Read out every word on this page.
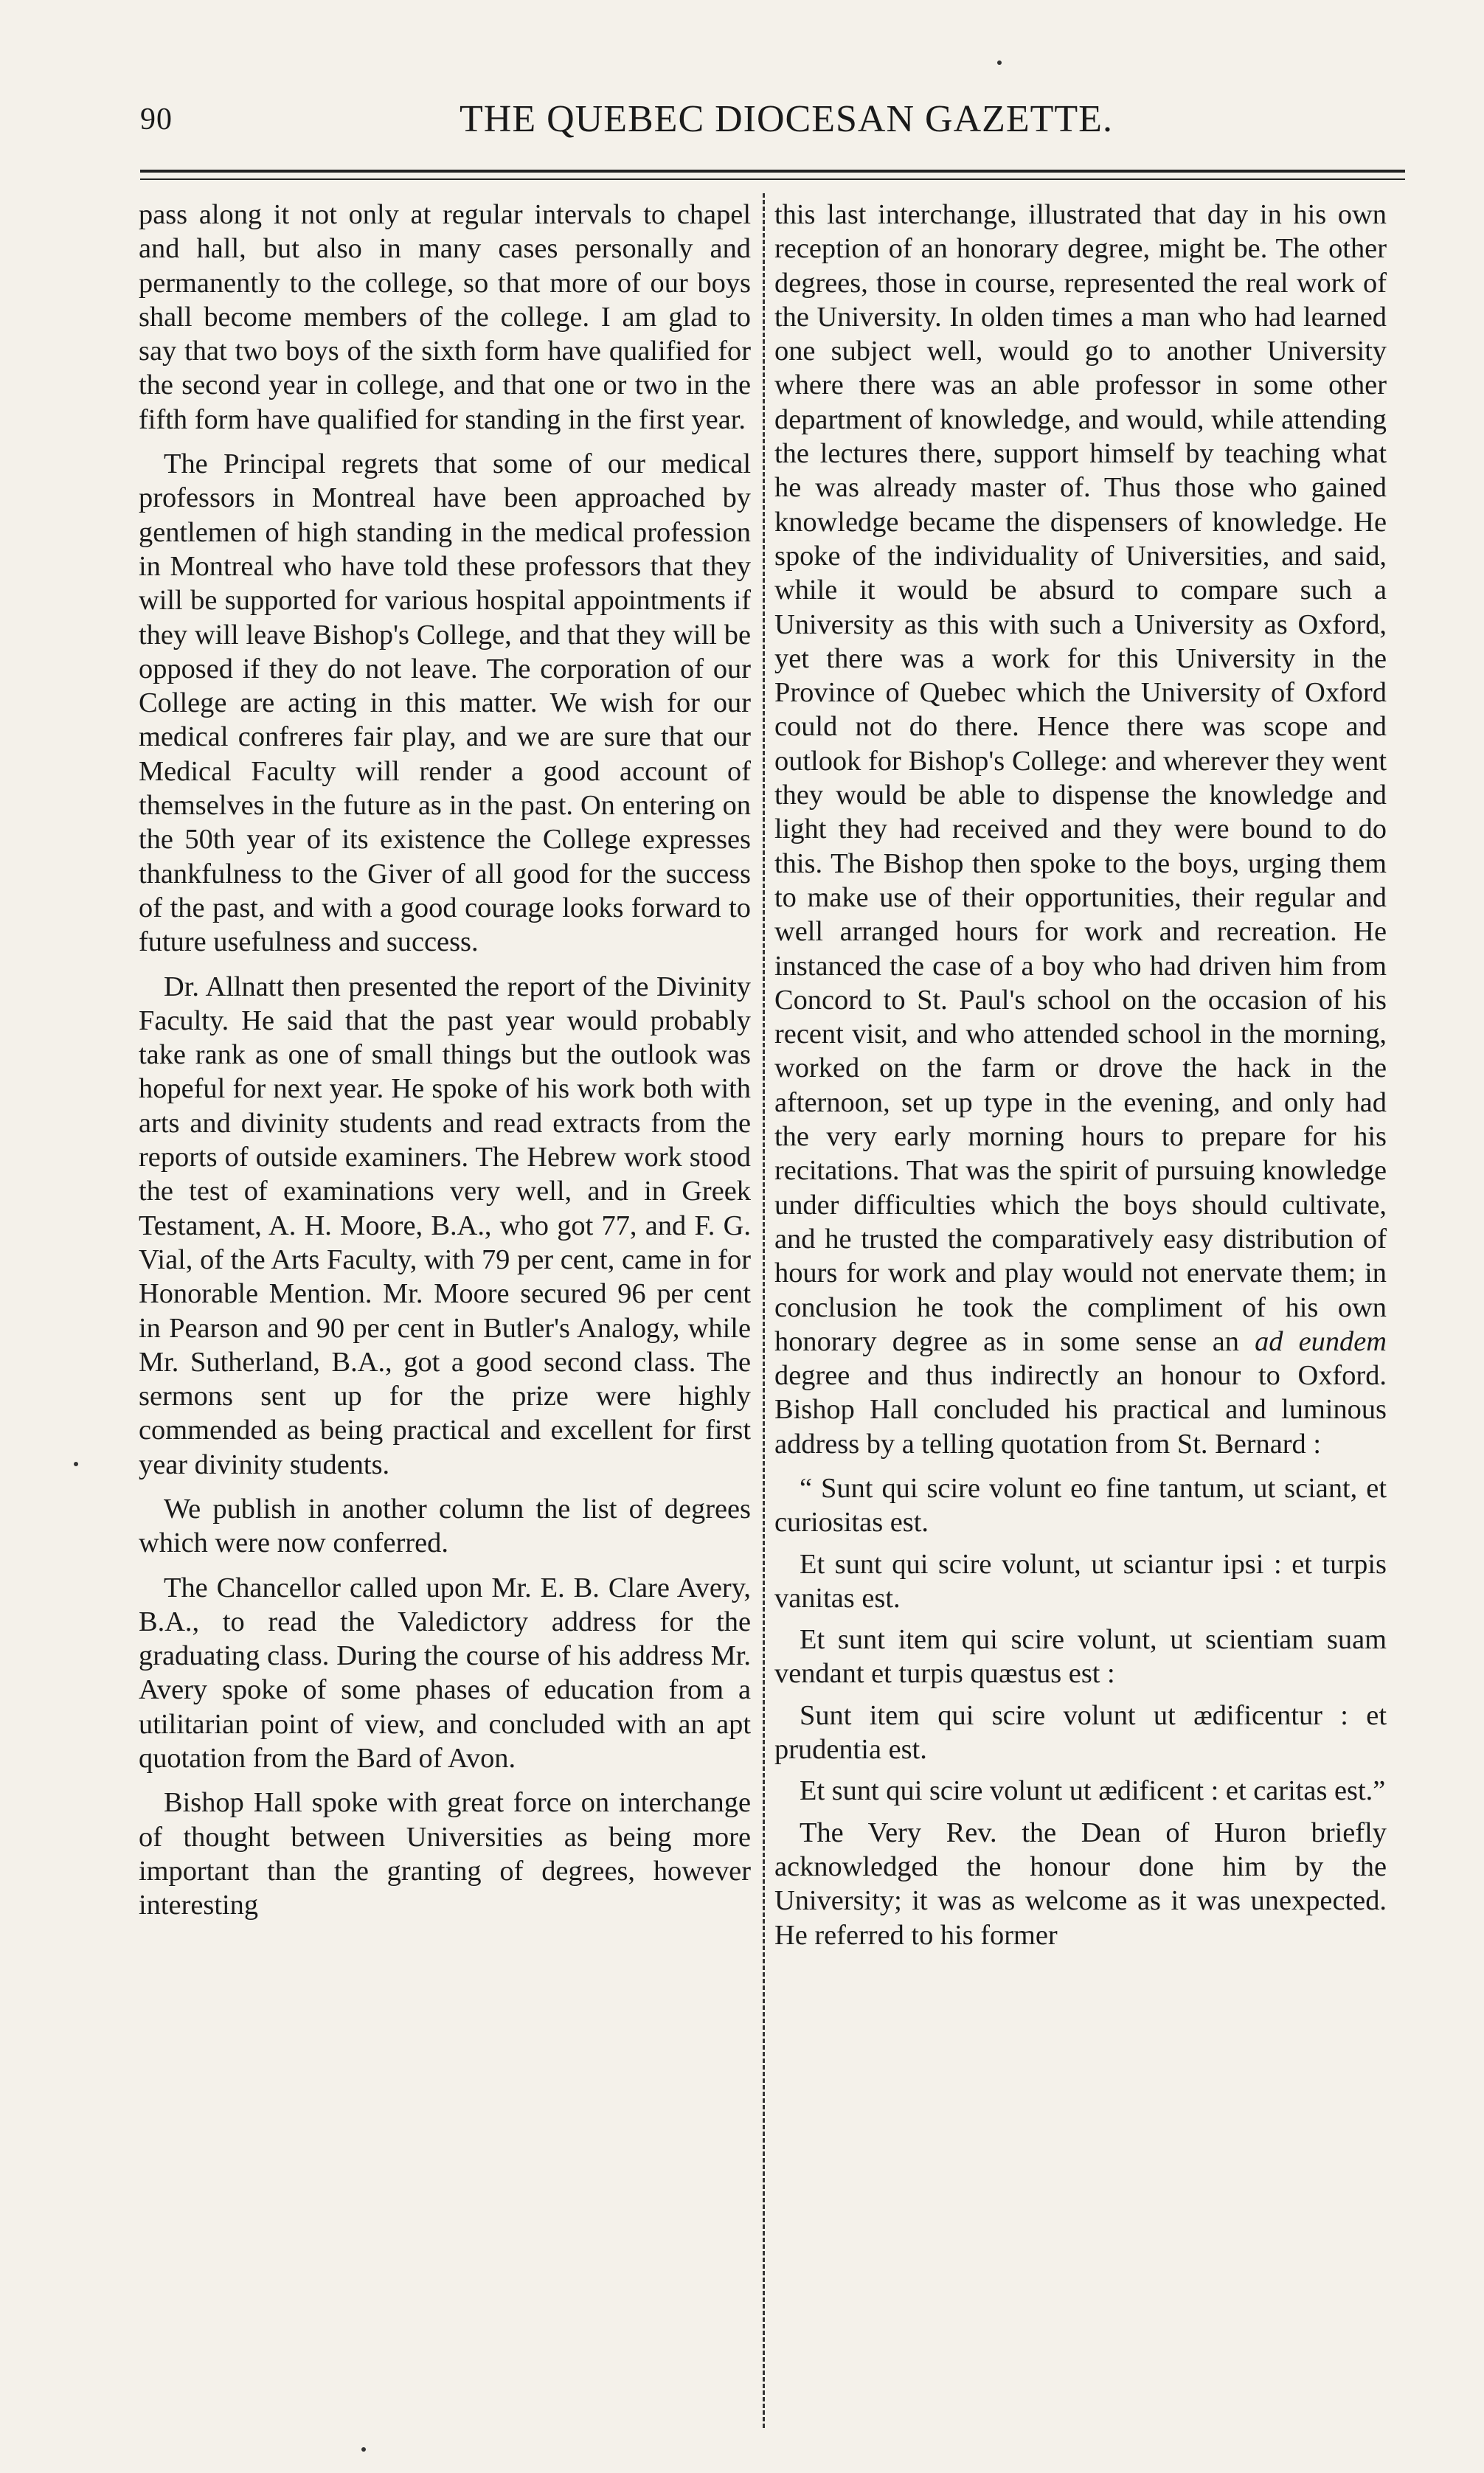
90	THE QUEBEC DIOCESAN GAZETTE.

pass along it not only at regular intervals to chapel and hall, but also in many cases personally and permanently to the college, so that more of our boys shall become members of the college. I am glad to say that two boys of the sixth form have qualified for the second year in college, and that one or two in the fifth form have qualified for standing in the first year.

The Principal regrets that some of our medical professors in Montreal have been approached by gentlemen of high standing in the medical profession in Montreal who have told these professors that they will be supported for various hospital appointments if they will leave Bishop's College, and that they will be opposed if they do not leave. The corporation of our College are acting in this matter. We wish for our medical confreres fair play, and we are sure that our Medical Faculty will render a good account of themselves in the future as in the past. On entering on the 50th year of its existence the College expresses thankfulness to the Giver of all good for the success of the past, and with a good courage looks forward to future usefulness and success.

Dr. Allnatt then presented the report of the Divinity Faculty. He said that the past year would probably take rank as one of small things but the outlook was hopeful for next year. He spoke of his work both with arts and divinity students and read extracts from the reports of outside examiners. The Hebrew work stood the test of examinations very well, and in Greek Testament, A. H. Moore, B.A., who got 77, and F. G. Vial, of the Arts Faculty, with 79 per cent, came in for Honorable Mention. Mr. Moore secured 96 per cent in Pearson and 90 per cent in Butler's Analogy, while Mr. Sutherland, B.A., got a good second class. The sermons sent up for the prize were highly commended as being practical and excellent for first year divinity students.

We publish in another column the list of degrees which were now conferred.

The Chancellor called upon Mr. E. B. Clare Avery, B.A., to read the Valedictory address for the graduating class. During the course of his address Mr. Avery spoke of some phases of education from a utilitarian point of view, and concluded with an apt quotation from the Bard of Avon.

Bishop Hall spoke with great force on interchange of thought between Universities as being more important than the granting of degrees, however interesting

this last interchange, illustrated that day in his own reception of an honorary degree, might be. The other degrees, those in course, represented the real work of the University. In olden times a man who had learned one subject well, would go to another University where there was an able professor in some other department of knowledge, and would, while attending the lectures there, support himself by teaching what he was already master of. Thus those who gained knowledge became the dispensers of knowledge. He spoke of the individuality of Universities, and said, while it would be absurd to compare such a University as this with such a University as Oxford, yet there was a work for this University in the Province of Quebec which the University of Oxford could not do there. Hence there was scope and outlook for Bishop's College: and wherever they went they would be able to dispense the knowledge and light they had received and they were bound to do this. The Bishop then spoke to the boys, urging them to make use of their opportunities, their regular and well arranged hours for work and recreation. He instanced the case of a boy who had driven him from Concord to St. Paul's school on the occasion of his recent visit, and who attended school in the morning, worked on the farm or drove the hack in the afternoon, set up type in the evening, and only had the very early morning hours to prepare for his recitations. That was the spirit of pursuing knowledge under difficulties which the boys should cultivate, and he trusted the comparatively easy distribution of hours for work and play would not enervate them; in conclusion he took the compliment of his own honorary degree as in some sense an ad eundem degree and thus indirectly an honour to Oxford. Bishop Hall concluded his practical and luminous address by a telling quotation from St. Bernard :

“ Sunt qui scire volunt eo fine tantum, ut sciant, et curiositas est.

Et sunt qui scire volunt, ut sciantur ipsi : et turpis vanitas est.

Et sunt item qui scire volunt, ut scientiam suam vendant et turpis quæstus est :

Sunt item qui scire volunt ut ædificentur : et prudentia est.

Et sunt qui scire volunt ut ædificent : et caritas est.”

The Very Rev. the Dean of Huron briefly acknowledged the honour done him by the University; it was as welcome as it was unexpected. He referred to his former
